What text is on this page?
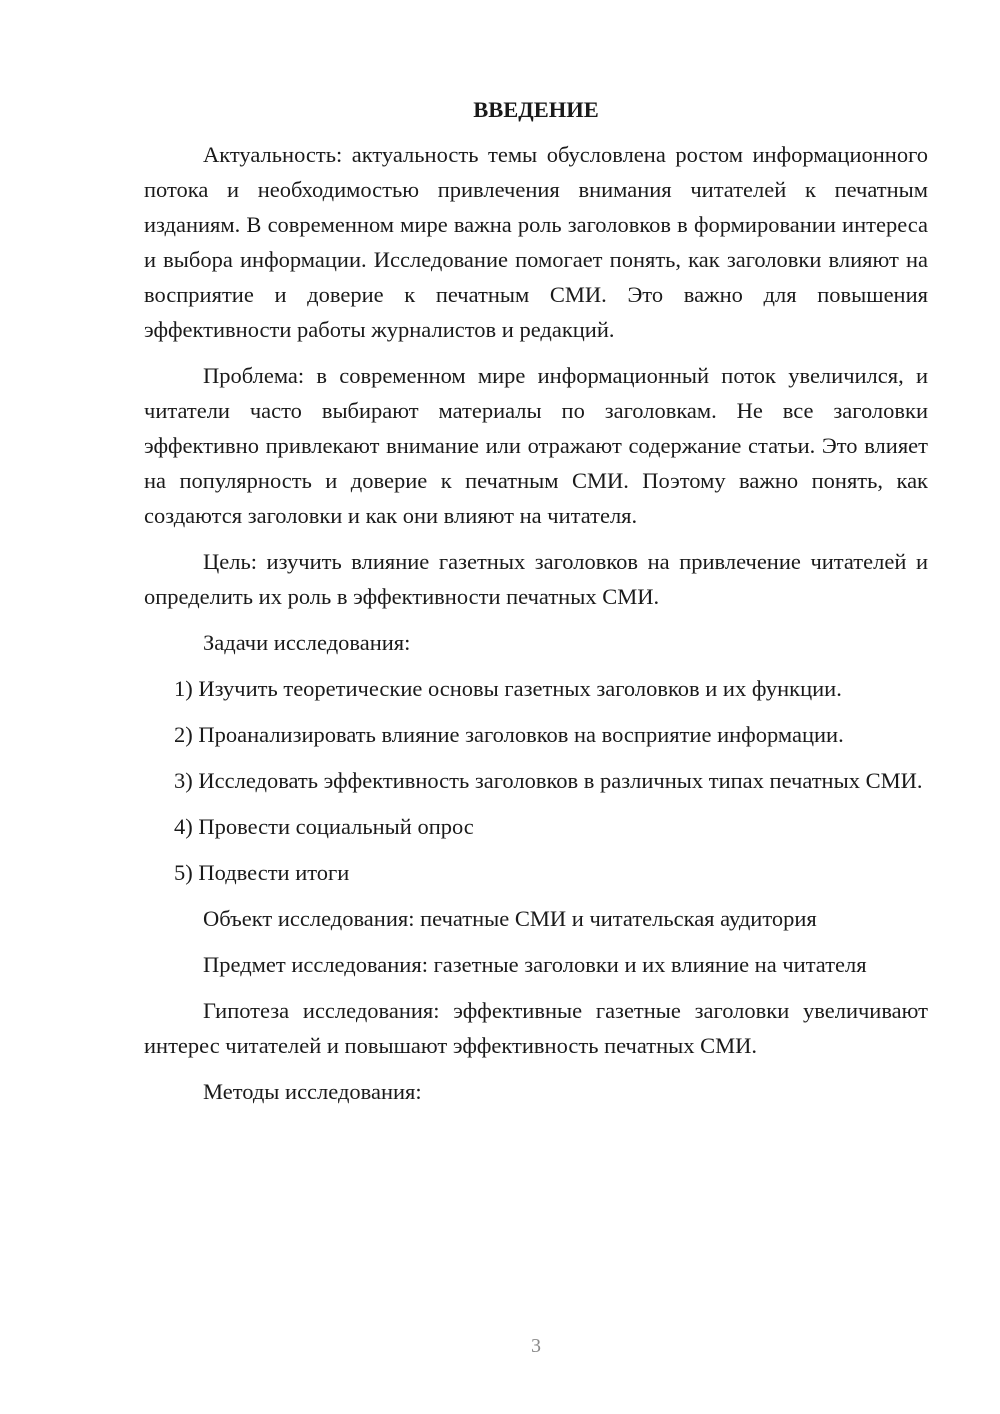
ВВЕДЕНИЕ

Актуальность: актуальность темы обусловлена ростом информационного потока и необходимостью привлечения внимания читателей к печатным изданиям. В современном мире важна роль заголовков в формировании интереса и выбора информации. Исследование помогает понять, как заголовки влияют на восприятие и доверие к печатным СМИ. Это важно для повышения эффективности работы журналистов и редакций.

Проблема: в современном мире информационный поток увеличился, и читатели часто выбирают материалы по заголовкам. Не все заголовки эффективно привлекают внимание или отражают содержание статьи. Это влияет на популярность и доверие к печатным СМИ. Поэтому важно понять, как создаются заголовки и как они влияют на читателя.

Цель: изучить влияние газетных заголовков на привлечение читателей и определить их роль в эффективности печатных СМИ.

Задачи исследования:

1) Изучить теоретические основы газетных заголовков и их функции.

2) Проанализировать влияние заголовков на восприятие информации.

3) Исследовать эффективность заголовков в различных типах печатных СМИ.

4) Провести социальный опрос

5) Подвести итоги

Объект исследования: печатные СМИ и читательская аудитория

Предмет исследования: газетные заголовки и их влияние на читателя

Гипотеза исследования: эффективные газетные заголовки увеличивают интерес читателей и повышают эффективность печатных СМИ.

Методы исследования:

3
